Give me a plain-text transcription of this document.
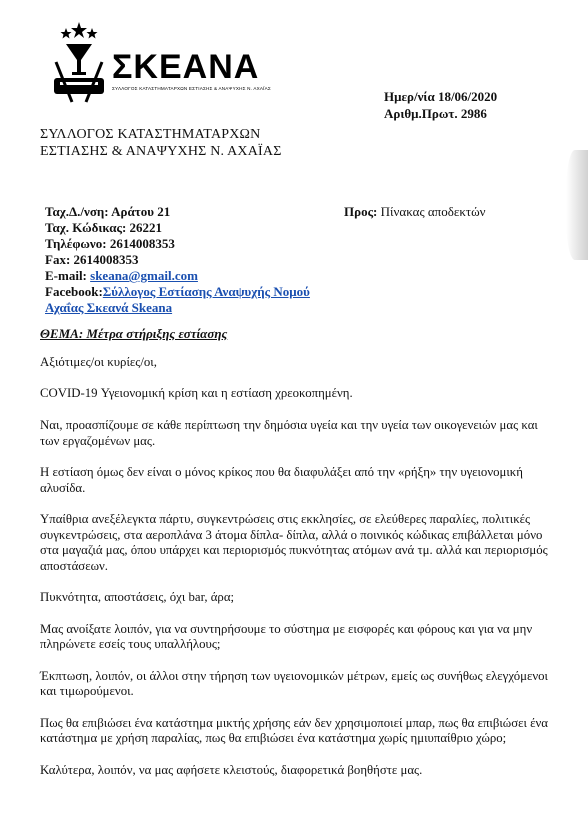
ΣΚΕΑΝΑ
ΣΥΛΛΟΓΟΣ ΚΑΤΑΣΤΗΜΑΤΑΡΧΩΝ ΕΣΤΙΑΣΗΣ & ΑΝΑΨΥΧΗΣ Ν. ΑΧΑΪΑΣ
Ημερ/νία 18/06/2020
Αριθμ.Πρωτ. 2986
ΣΥΛΛΟΓΟΣ ΚΑΤΑΣΤΗΜΑΤΑΡΧΩΝ
ΕΣΤΙΑΣΗΣ & ΑΝΑΨΥΧΗΣ Ν. ΑΧΑΪΑΣ
Προς: Πίνακας αποδεκτών
Ταχ.Δ./νση: Αράτου 21
Ταχ. Κώδικας: 26221
Τηλέφωνο: 2614008353
Fax: 2614008353
E-mail: skeana@gmail.com
Facebook:Σύλλογος Εστίασης Αναψυχής Νομού
Αχαΐας Σκεανά Skeana
ΘΕΜΑ: Μέτρα στήριξης εστίασης

Αξιότιμες/οι κυρίες/οι,

COVID-19 Υγειονομική κρίση και η εστίαση χρεοκοπημένη.

Ναι, προασπίζουμε σε κάθε περίπτωση την δημόσια υγεία και την υγεία των οικογενειών μας και των εργαζομένων μας.

Η εστίαση όμως δεν είναι ο μόνος κρίκος που θα διαφυλάξει από την «ρήξη» την υγειονομική αλυσίδα.

Υπαίθρια ανεξέλεγκτα πάρτυ, συγκεντρώσεις στις εκκλησίες, σε ελεύθερες παραλίες, πολιτικές συγκεντρώσεις, στα αεροπλάνα 3 άτομα δίπλα- δίπλα, αλλά ο ποινικός κώδικας επιβάλλεται μόνο στα μαγαζιά μας, όπου υπάρχει και περιορισμός πυκνότητας ατόμων ανά τμ. αλλά και περιορισμός αποστάσεων.

Πυκνότητα, αποστάσεις, όχι bar, άρα;

Μας ανοίξατε λοιπόν, για να συντηρήσουμε το σύστημα με εισφορές και φόρους και για να μην πληρώνετε εσείς τους υπαλλήλους;

Έκπτωση, λοιπόν, οι άλλοι στην τήρηση των υγειονομικών μέτρων, εμείς ως συνήθως ελεγχόμενοι και τιμωρούμενοι.

Πως θα επιβιώσει ένα κατάστημα μικτής χρήσης εάν δεν χρησιμοποιεί μπαρ, πως θα επιβιώσει ένα κατάστημα με χρήση παραλίας, πως θα επιβιώσει ένα κατάστημα χωρίς ημιυπαίθριο χώρο;

Καλύτερα, λοιπόν, να μας αφήσετε κλειστούς, διαφορετικά βοηθήστε μας.
